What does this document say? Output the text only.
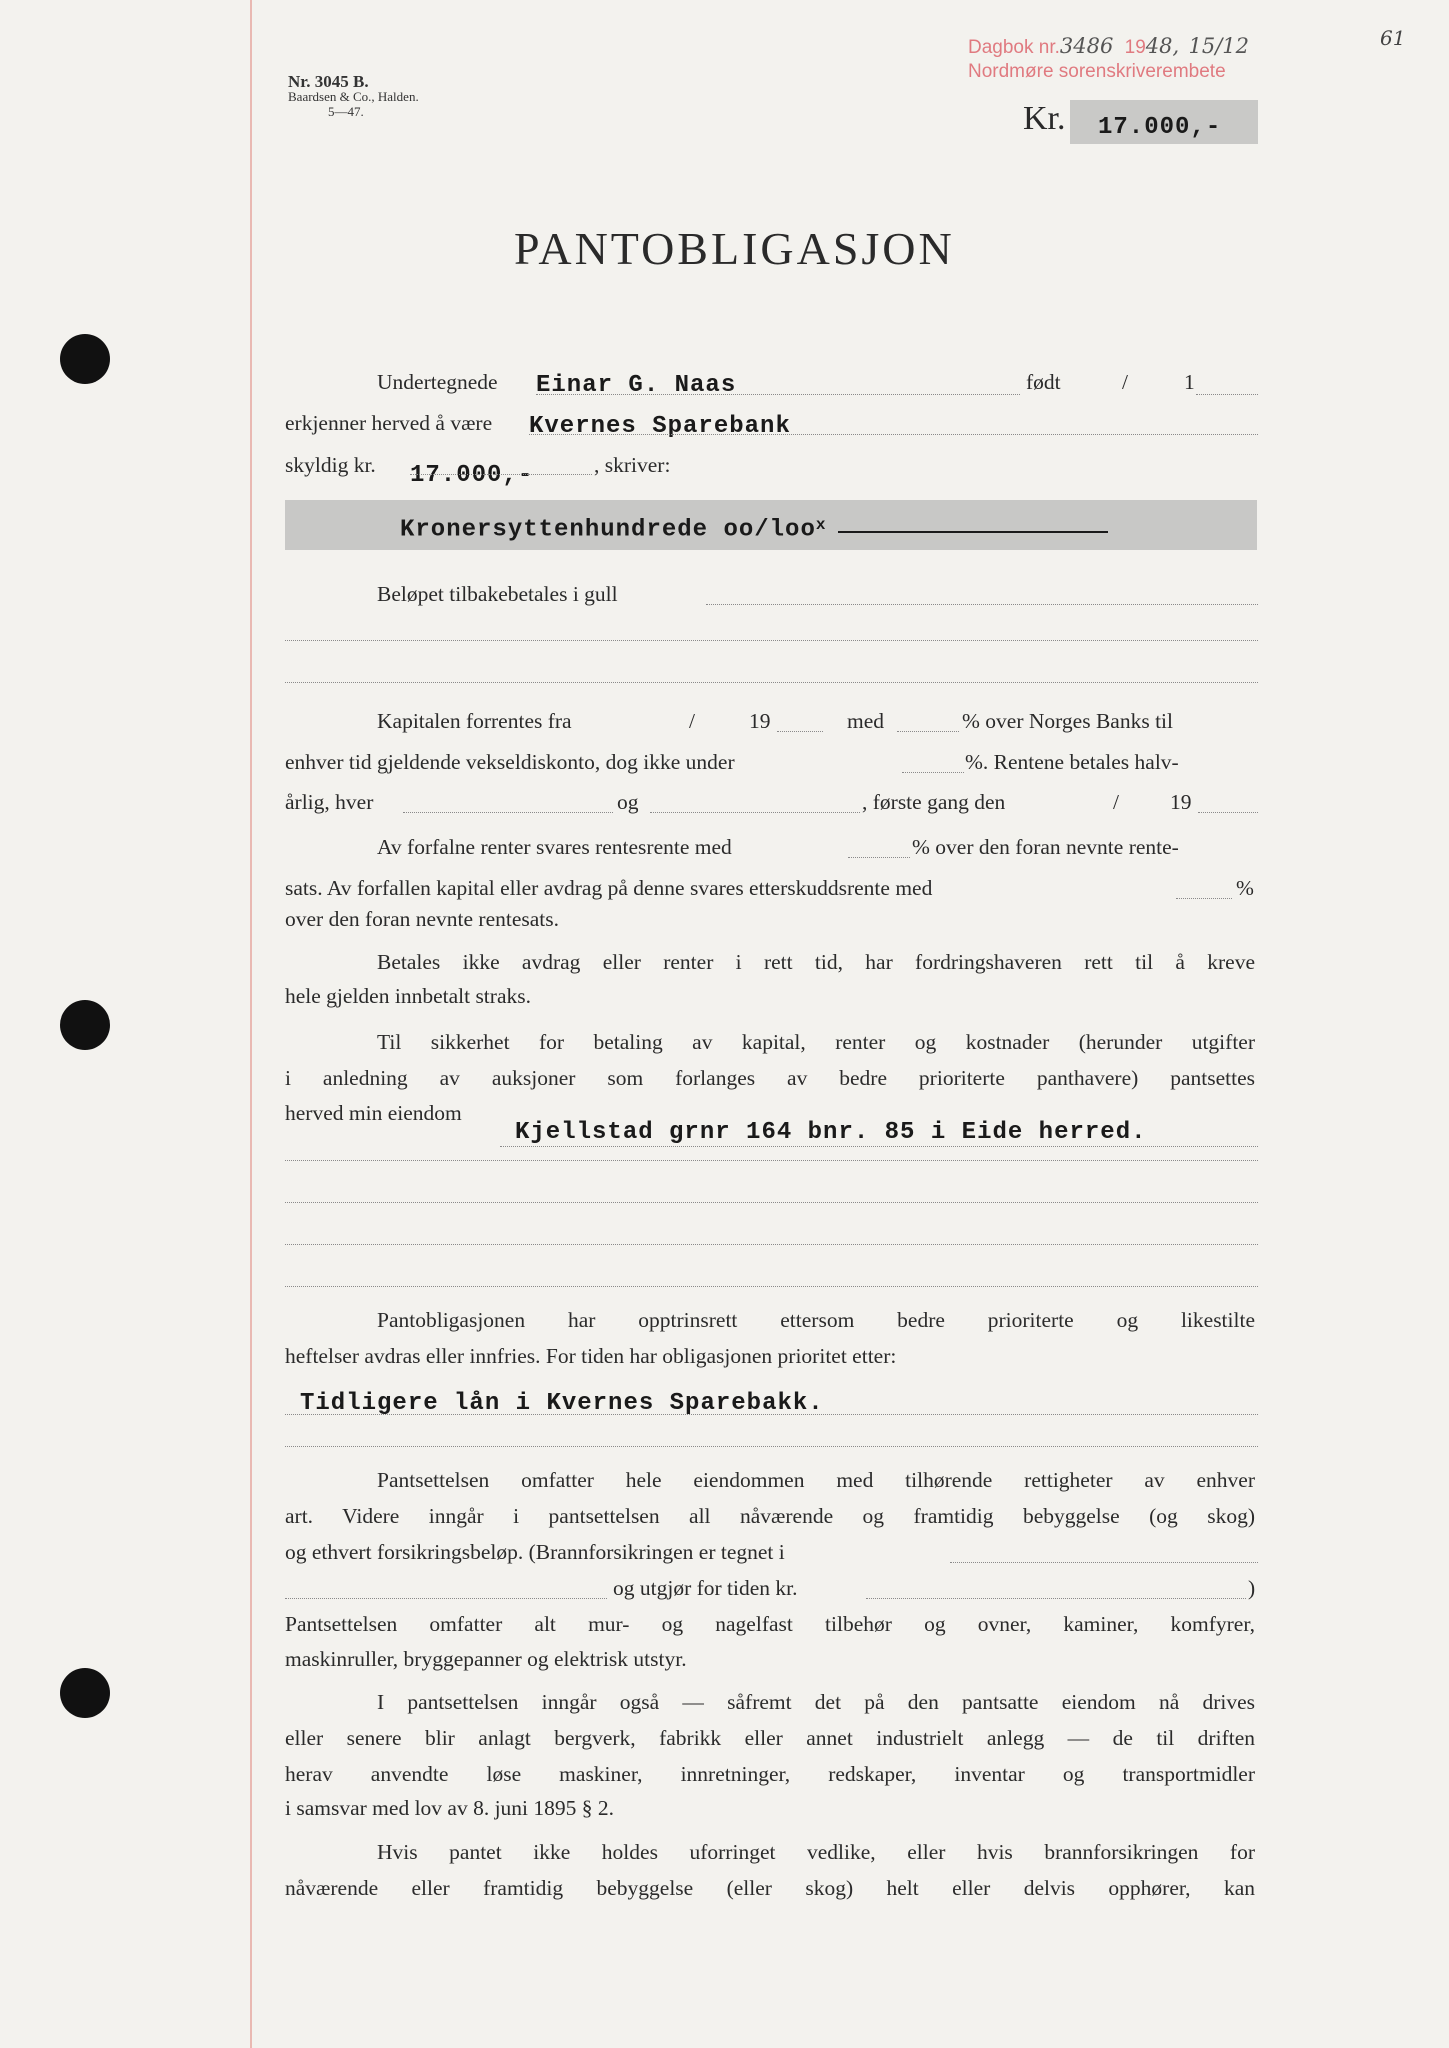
Nr. 3045 B.
Baardsen & Co., Halden.
5—47.
Dagbok nr.3486 1948, 15/12
Nordmøre sorenskriverembete
61
Kr. 17.000,-
PANTOBLIGASJON
Undertegnede Einar G. Naas	født	/	1
erkjenner herved å være Kvernes Sparebank
skyldig kr. 17.000,-	, skriver:
Kronersyttenhundrede oo/loo$^x$
Beløpet tilbakebetales i gull
Kapitalen forrentes fra	/	19	med	% over Norges Banks til
enhver tid gjeldende vekseldiskonto, dog ikke under	%. Rentene betales halv-
årlig, hver	og	, første gang den	/ 19
Av forfalne renter svares rentesrente med	% over den foran nevnte rente-
sats. Av forfallen kapital eller avdrag på denne svares etterskuddsrente med	%
over den foran nevnte rentesats.
Betales ikke avdrag eller renter i rett tid, har fordringshaveren rett til å kreve
hele gjelden innbetalt straks.
Til sikkerhet for betaling av kapital, renter og kostnader (herunder utgifter
i anledning av auksjoner som forlanges av bedre prioriterte panthavere) pantsettes
herved min eiendom
Kjellstad grnr 164 bnr. 85 i Eide herred.
Pantobligasjonen har opptrinsrett ettersom bedre prioriterte og likestilte
heftelser avdras eller innfries. For tiden har obligasjonen prioritet etter:
Tidligere lån i Kvernes Sparebakk.
Pantsettelsen omfatter hele eiendommen med tilhørende rettigheter av enhver
art. Videre inngår i pantsettelsen all nåværende og framtidig bebyggelse (og skog)
og ethvert forsikringsbeløp. (Brannforsikringen er tegnet i
og utgjør for tiden kr.	)
Pantsettelsen omfatter alt mur- og nagelfast tilbehør og ovner, kaminer, komfyrer,
maskinruller, bryggepanner og elektrisk utstyr.
I pantsettelsen inngår også — såfremt det på den pantsatte eiendom nå drives
eller senere blir anlagt bergverk, fabrikk eller annet industrielt anlegg — de til driften
herav anvendte løse maskiner, innretninger, redskaper, inventar og transportmidler
i samsvar med lov av 8. juni 1895 § 2.
Hvis pantet ikke holdes uforringet vedlike, eller hvis brannforsikringen for
nåværende eller framtidig bebyggelse (eller skog) helt eller delvis opphører, kan
